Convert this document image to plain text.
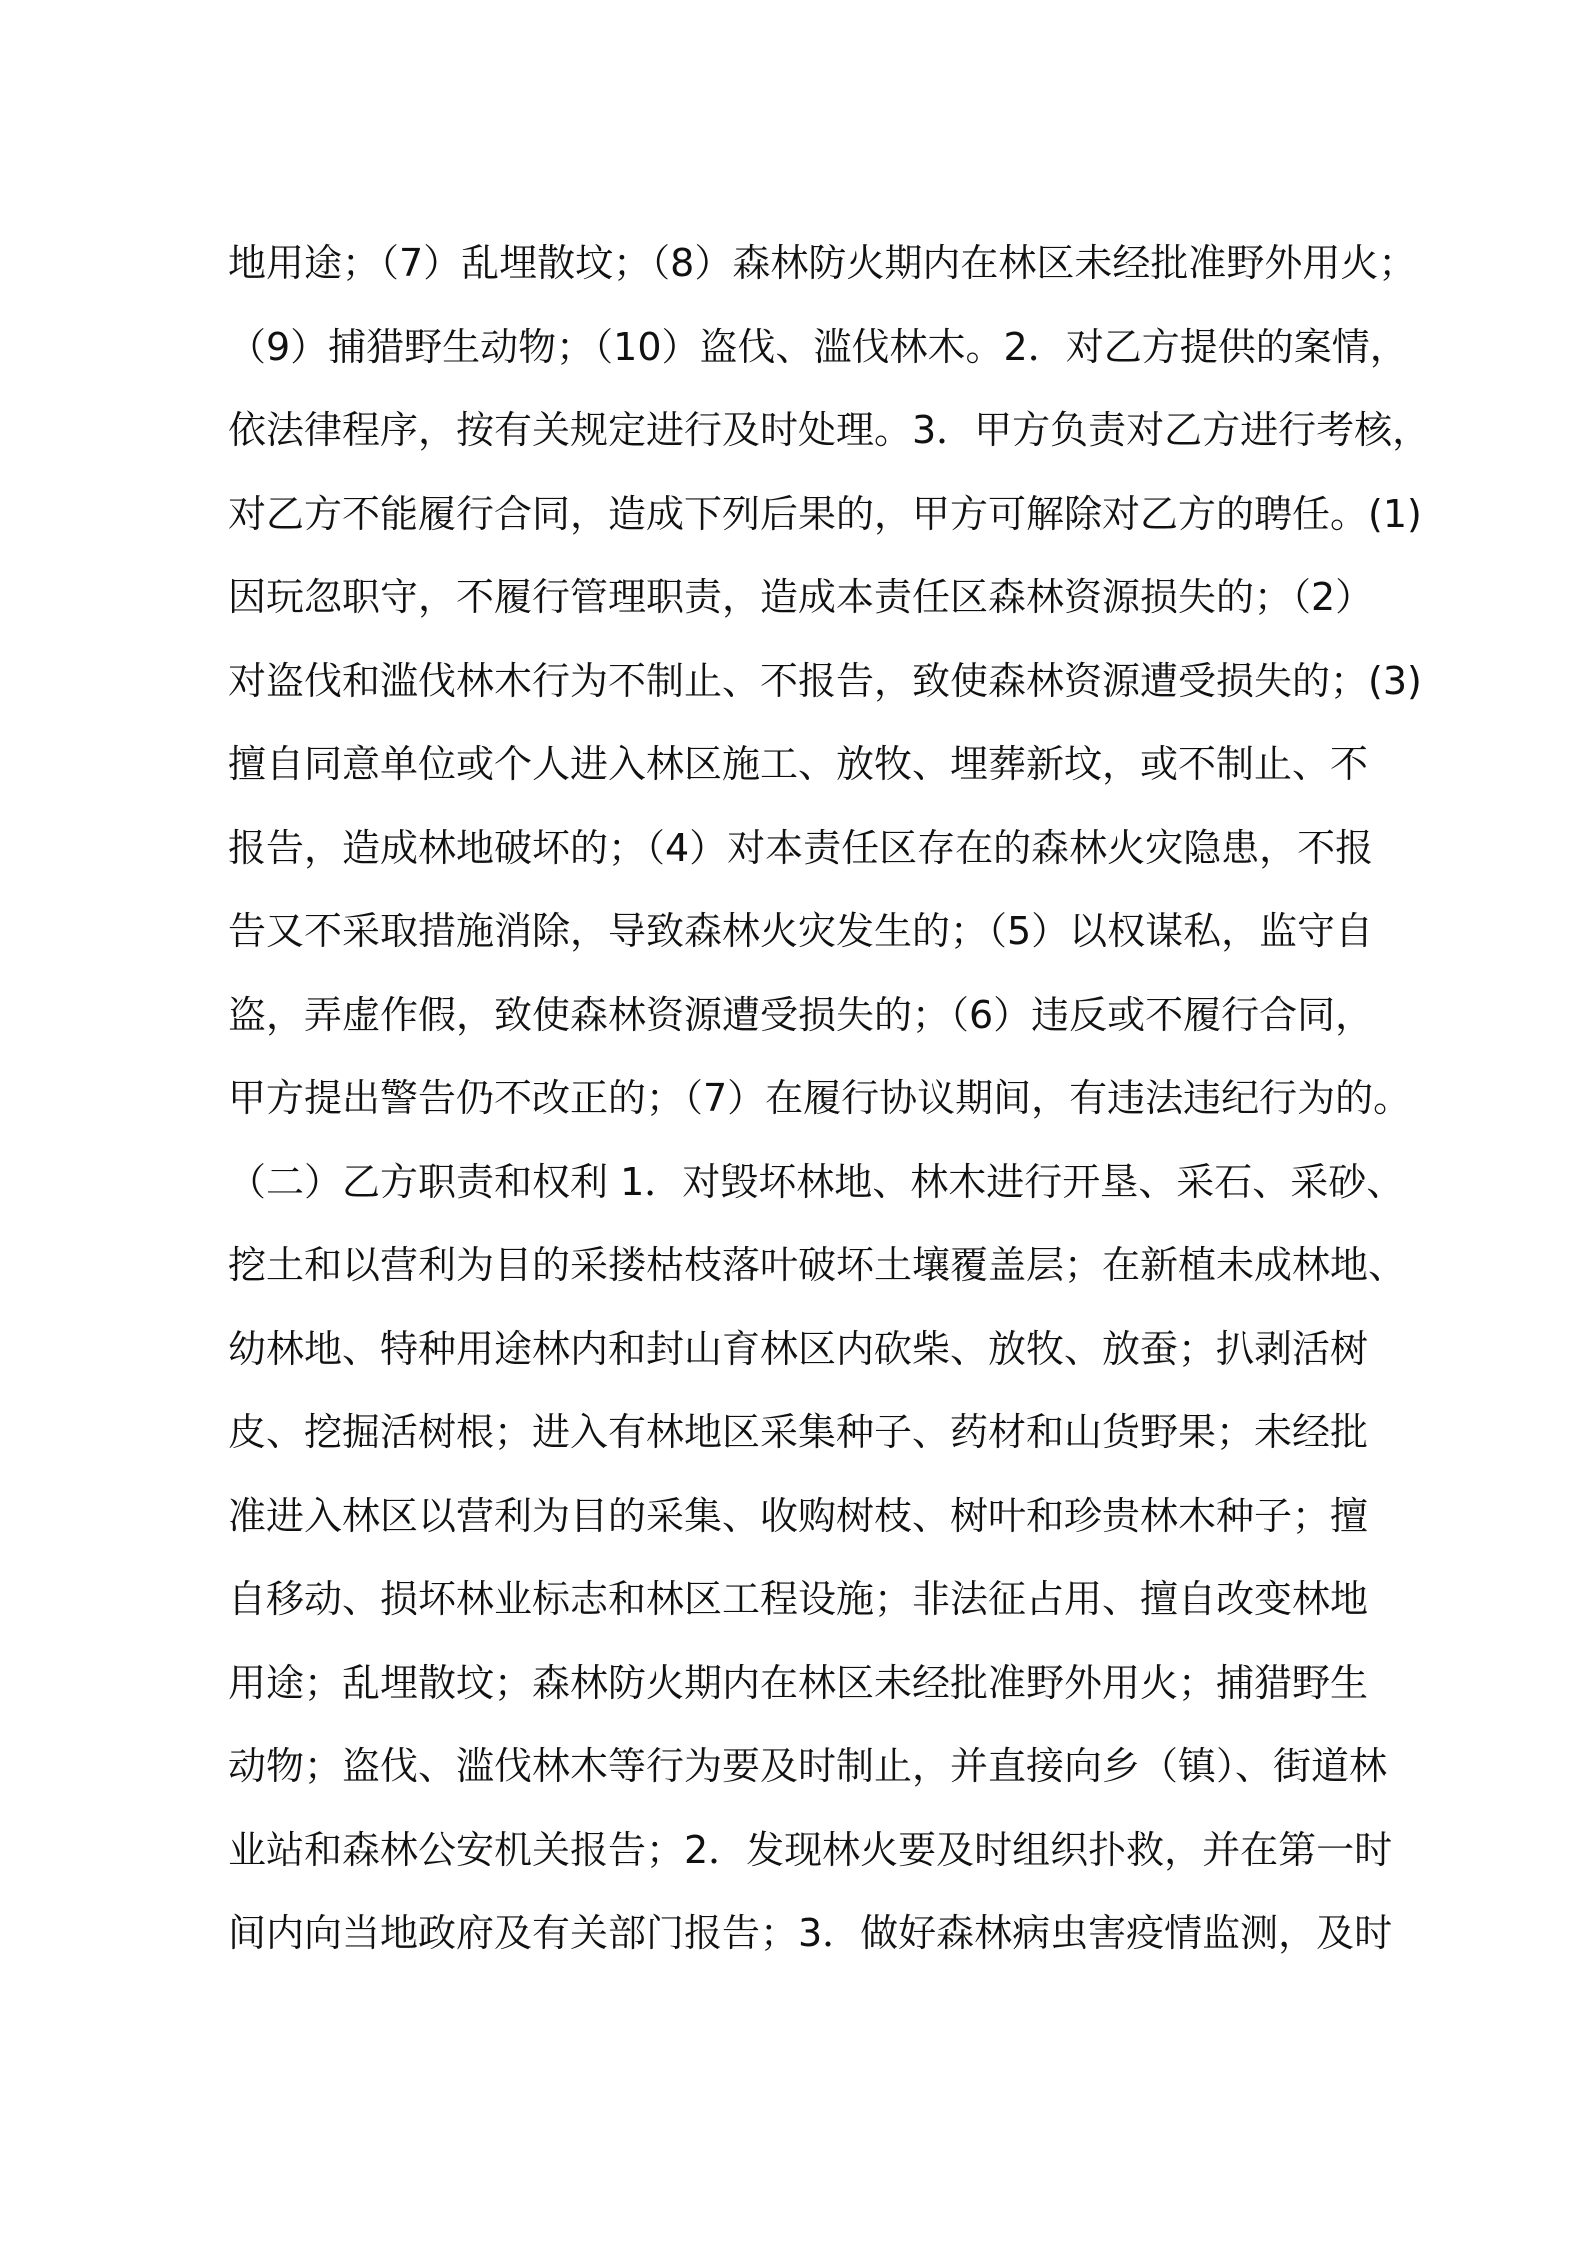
地用途；（7）乱埋散坟；（8）森林防火期内在林区未经批准野外用火；
（9）捕猎野生动物；（10）盗伐、滥伐林木。2．对乙方提供的案情，
依法律程序，按有关规定进行及时处理。3．甲方负责对乙方进行考核，
对乙方不能履行合同，造成下列后果的，甲方可解除对乙方的聘任。(1)
因玩忽职守，不履行管理职责，造成本责任区森林资源损失的；（2）
对盗伐和滥伐林木行为不制止、不报告，致使森林资源遭受损失的；(3)
擅自同意单位或个人进入林区施工、放牧、埋葬新坟，或不制止、不
报告，造成林地破坏的；（4）对本责任区存在的森林火灾隐患，不报
告又不采取措施消除，导致森林火灾发生的；（5）以权谋私，监守自
盗，弄虚作假，致使森林资源遭受损失的；（6）违反或不履行合同，
甲方提出警告仍不改正的；（7）在履行协议期间，有违法违纪行为的。
（二）乙方职责和权利 1．对毁坏林地、林木进行开垦、采石、采砂、
挖土和以营利为目的采搂枯枝落叶破坏土壤覆盖层；在新植未成林地、
幼林地、特种用途林内和封山育林区内砍柴、放牧、放蚕；扒剥活树
皮、挖掘活树根；进入有林地区采集种子、药材和山货野果；未经批
准进入林区以营利为目的采集、收购树枝、树叶和珍贵林木种子；擅
自移动、损坏林业标志和林区工程设施；非法征占用、擅自改变林地
用途；乱埋散坟；森林防火期内在林区未经批准野外用火；捕猎野生
动物；盗伐、滥伐林木等行为要及时制止，并直接向乡（镇）、街道林
业站和森林公安机关报告；2．发现林火要及时组织扑救，并在第一时
间内向当地政府及有关部门报告；3．做好森林病虫害疫情监测，及时
